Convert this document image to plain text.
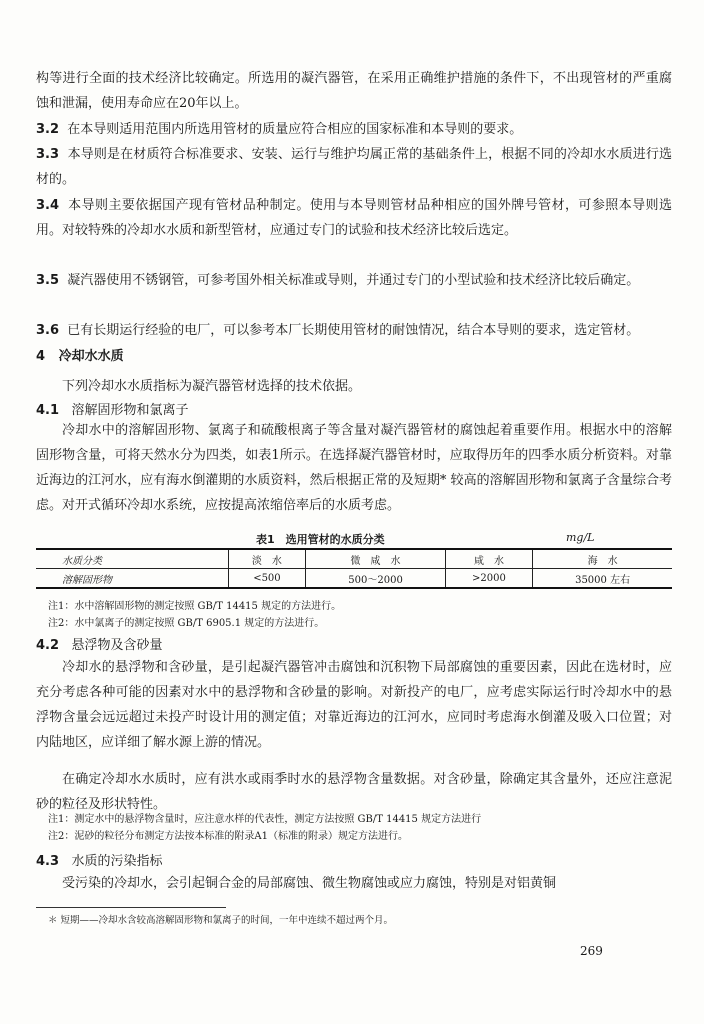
构等进行全面的技术经济比较确定。所选用的凝汽器管，在采用正确维护措施的条件下，不出现管材的严重腐蚀和泄漏，使用寿命应在20年以上。

3.2 在本导则适用范围内所选用管材的质量应符合相应的国家标准和本导则的要求。

3.3 本导则是在材质符合标准要求、安装、运行与维护均属正常的基础条件上，根据不同的冷却水水质进行选材的。

3.4 本导则主要依据国产现有管材品种制定。使用与本导则管材品种相应的国外牌号管材，可参照本导则选用。对较特殊的冷却水水质和新型管材，应通过专门的试验和技术经济比较后选定。

3.5 凝汽器使用不锈钢管，可参考国外相关标准或导则，并通过专门的小型试验和技术经济比较后确定。

3.6 已有长期运行经验的电厂，可以参考本厂长期使用管材的耐蚀情况，结合本导则的要求，选定管材。

4 冷却水水质

下列冷却水水质指标为凝汽器管材选择的技术依据。

4.1 溶解固形物和氯离子

冷却水中的溶解固形物、氯离子和硫酸根离子等含量对凝汽器管材的腐蚀起着重要作用。根据水中的溶解固形物含量，可将天然水分为四类，如表1所示。在选择凝汽器管材时，应取得历年的四季水质分析资料。对靠近海边的江河水，应有海水倒灌期的水质资料，然后根据正常的及短期* 较高的溶解固形物和氯离子含量综合考虑。对开式循环冷却水系统，应按提高浓缩倍率后的水质考虑。

表1　选用管材的水质分类	mg/L
水质分类	淡　水	微　咸　水	咸　水	海　水
溶解固形物	<500	500～2000	>2000	35000 左右
注1：水中溶解固形物的测定按照 GB/T 14415 规定的方法进行。
注2：水中氯离子的测定按照 GB/T 6905.1 规定的方法进行。
4.2 悬浮物及含砂量

冷却水的悬浮物和含砂量，是引起凝汽器管冲击腐蚀和沉积物下局部腐蚀的重要因素，因此在选材时，应充分考虑各种可能的因素对水中的悬浮物和含砂量的影响。对新投产的电厂，应考虑实际运行时冷却水中的悬浮物含量会远远超过未投产时设计用的测定值；对靠近海边的江河水，应同时考虑海水倒灌及吸入口位置；对内陆地区，应详细了解水源上游的情况。

在确定冷却水水质时，应有洪水或雨季时水的悬浮物含量数据。对含砂量，除确定其含量外，还应注意泥砂的粒径及形状特性。

注1：测定水中的悬浮物含量时，应注意水样的代表性，测定方法按照 GB/T 14415 规定方法进行
注2：泥砂的粒径分布测定方法按本标准的附录A1（标准的附录）规定方法进行。
4.3 水质的污染指标

受污染的冷却水，会引起铜合金的局部腐蚀、微生物腐蚀或应力腐蚀，特别是对铝黄铜

＊ 短期——冷却水含较高溶解固形物和氯离子的时间，一年中连续不超过两个月。
269
